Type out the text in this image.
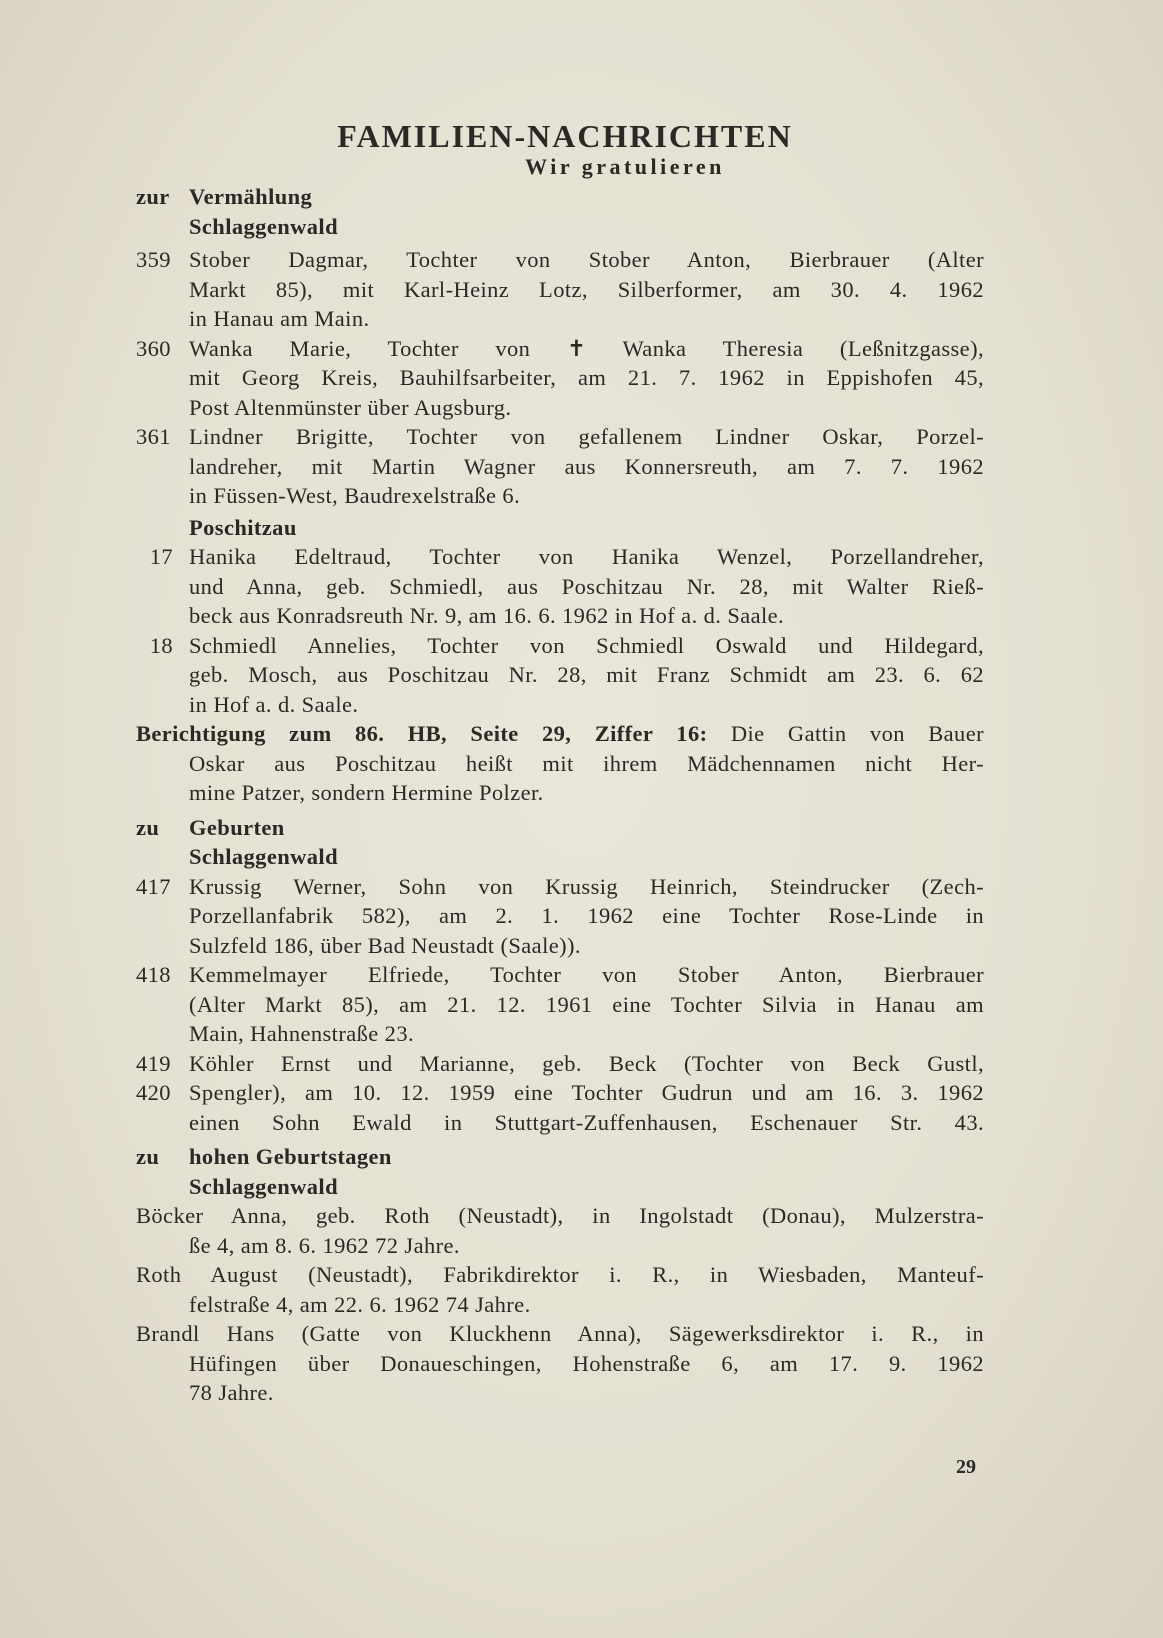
FAMILIEN-NACHRICHTEN
Wir gratulieren
zur Vermählung
Schlaggenwald
359 Stober Dagmar, Tochter von Stober Anton, Bierbrauer (Alter
Markt 85), mit Karl-Heinz Lotz, Silberformer, am 30. 4. 1962
in Hanau am Main.
360 Wanka Marie, Tochter von ✝ Wanka Theresia (Leßnitzgasse),
mit Georg Kreis, Bauhilfsarbeiter, am 21. 7. 1962 in Eppishofen 45,
Post Altenmünster über Augsburg.
361 Lindner Brigitte, Tochter von gefallenem Lindner Oskar, Porzel-
landreher, mit Martin Wagner aus Konnersreuth, am 7. 7. 1962
in Füssen-West, Baudrexelstraße 6.
Poschitzau
17 Hanika Edeltraud, Tochter von Hanika Wenzel, Porzellandreher,
und Anna, geb. Schmiedl, aus Poschitzau Nr. 28, mit Walter Rieß-
beck aus Konradsreuth Nr. 9, am 16. 6. 1962 in Hof a. d. Saale.
18 Schmiedl Annelies, Tochter von Schmiedl Oswald und Hildegard,
geb. Mosch, aus Poschitzau Nr. 28, mit Franz Schmidt am 23. 6. 62
in Hof a. d. Saale.
Berichtigung zum 86. HB, Seite 29, Ziffer 16: Die Gattin von Bauer
Oskar aus Poschitzau heißt mit ihrem Mädchennamen nicht Her-
mine Patzer, sondern Hermine Polzer.
zu	Geburten
Schlaggenwald
417 Krussig Werner, Sohn von Krussig Heinrich, Steindrucker (Zech-
Porzellanfabrik 582), am 2. 1. 1962 eine Tochter Rose-Linde in
Sulzfeld 186, über Bad Neustadt (Saale)).
418 Kemmelmayer Elfriede, Tochter von Stober Anton, Bierbrauer
(Alter Markt 85), am 21. 12. 1961 eine Tochter Silvia in Hanau am
Main, Hahnenstraße 23.
419
420
Köhler Ernst und Marianne, geb. Beck (Tochter von Beck Gustl,
Spengler), am 10. 12. 1959 eine Tochter Gudrun und am 16. 3. 1962
einen Sohn Ewald in Stuttgart-Zuffenhausen, Eschenauer Str. 43.
zu	hohen Geburtstagen
Schlaggenwald
Böcker Anna, geb. Roth (Neustadt), in Ingolstadt (Donau), Mulzerstra-
ße 4, am 8. 6. 1962 72 Jahre.
Roth August (Neustadt), Fabrikdirektor i. R., in Wiesbaden, Manteuf-
felstraße 4, am 22. 6. 1962 74 Jahre.
Brandl Hans (Gatte von Kluckhenn Anna), Sägewerksdirektor i. R., in
Hüfingen über Donaueschingen, Hohenstraße 6, am 17. 9. 1962
78 Jahre.
29
